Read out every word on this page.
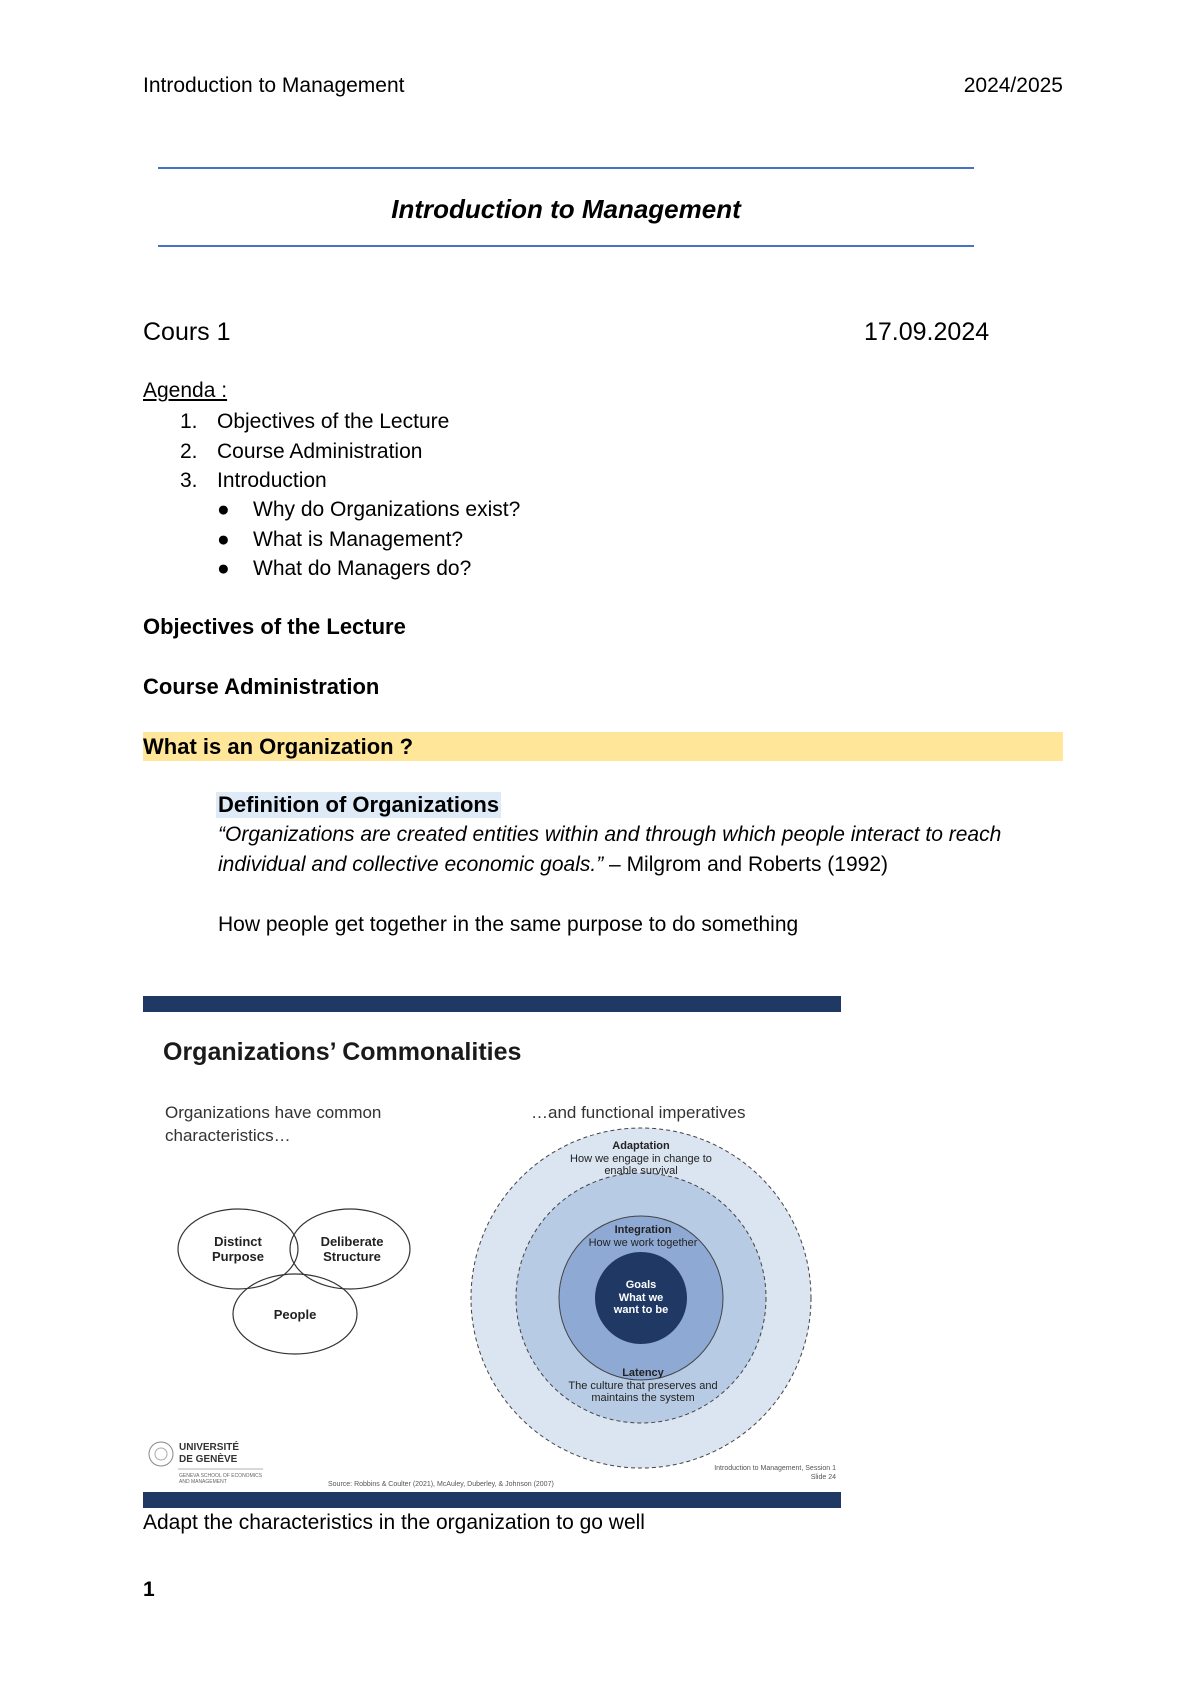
Introduction to Management	2024/2025
Introduction to Management
Cours 1	17.09.2024
Agenda :
1. Objectives of the Lecture
2. Course Administration
3. Introduction
● Why do Organizations exist?
● What is Management?
● What do Managers do?
Objectives of the Lecture
Course Administration
What is an Organization ?
Definition of Organizations
“Organizations are created entities within and through which people interact to reach
individual and collective economic goals.” – Milgrom and Roberts (1992)
How people get together in the same purpose to do something
Organizations’ Commonalities
Organizations have common
characteristics…
…and functional imperatives
Distinct
Purpose
Deliberate
Structure
People
Adaptation
How we engage in change to
enable survival
Integration
How we work together
Goals
What we
want to be
Latency
The culture that preserves and
maintains the system
UNIVERSITÉ
DE GENÈVE
GENEVA SCHOOL OF ECONOMICS
AND MANAGEMENT	Source: Robbins & Coulter (2021), McAuley, Duberley, & Johnson (2007)
Introduction to Management, Session 1
Slide 24
Adapt the characteristics in the organization to go well
1
